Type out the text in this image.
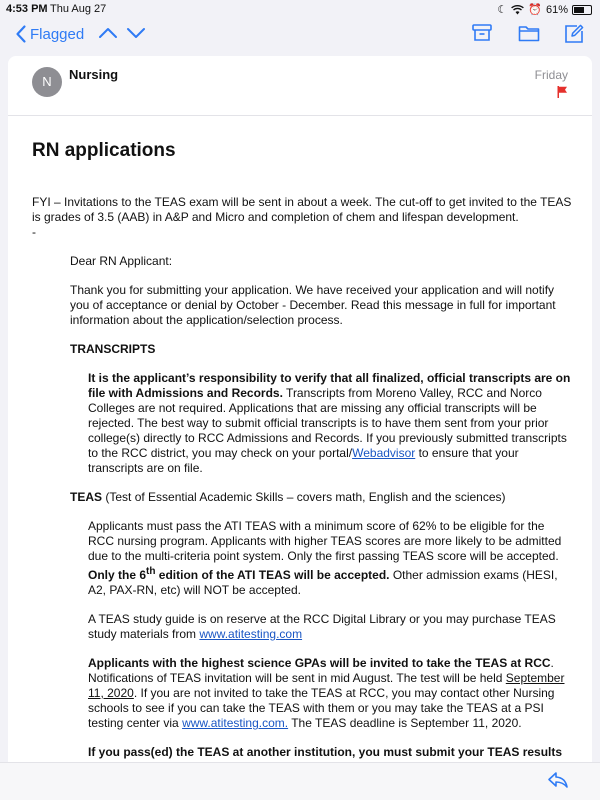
4:53 PM Thu Aug 27	☾ ⏰ 61%
Flagged
N	Nursing	Friday
RN applications

FYI – Invitations to the TEAS exam will be sent in about a week. The cut-off to get invited to the TEAS is grades of 3.5 (AAB) in A&P and Micro and completion of chem and lifespan development.

-

Dear RN Applicant:

Thank you for submitting your application. We have received your application and will notify you of acceptance or denial by October - December. Read this message in full for important information about the application/selection process.

TRANSCRIPTS

It is the applicant’s responsibility to verify that all finalized, official transcripts are on file with Admissions and Records. Transcripts from Moreno Valley, RCC and Norco Colleges are not required. Applications that are missing any official transcripts will be rejected. The best way to submit official transcripts is to have them sent from your prior college(s) directly to RCC Admissions and Records. If you previously submitted transcripts to the RCC district, you may check on your portal/Webadvisor to ensure that your transcripts are on file.

TEAS (Test of Essential Academic Skills – covers math, English and the sciences)

Applicants must pass the ATI TEAS with a minimum score of 62% to be eligible for the RCC nursing program. Applicants with higher TEAS scores are more likely to be admitted due to the multi-criteria point system. Only the first passing TEAS score will be accepted. Only the 6th edition of the ATI TEAS will be accepted. Other admission exams (HESI, A2, PAX-RN, etc) will NOT be accepted.

A TEAS study guide is on reserve at the RCC Digital Library or you may purchase TEAS study materials from www.atitesting.com

Applicants with the highest science GPAs will be invited to take the TEAS at RCC. Notifications of TEAS invitation will be sent in mid August. The test will be held September 11, 2020. If you are not invited to take the TEAS at RCC, you may contact other Nursing schools to see if you can take the TEAS with them or you may take the TEAS at a PSI testing center via www.atitesting.com. The TEAS deadline is September 11, 2020.

If you pass(ed) the TEAS at another institution, you must submit your TEAS results
